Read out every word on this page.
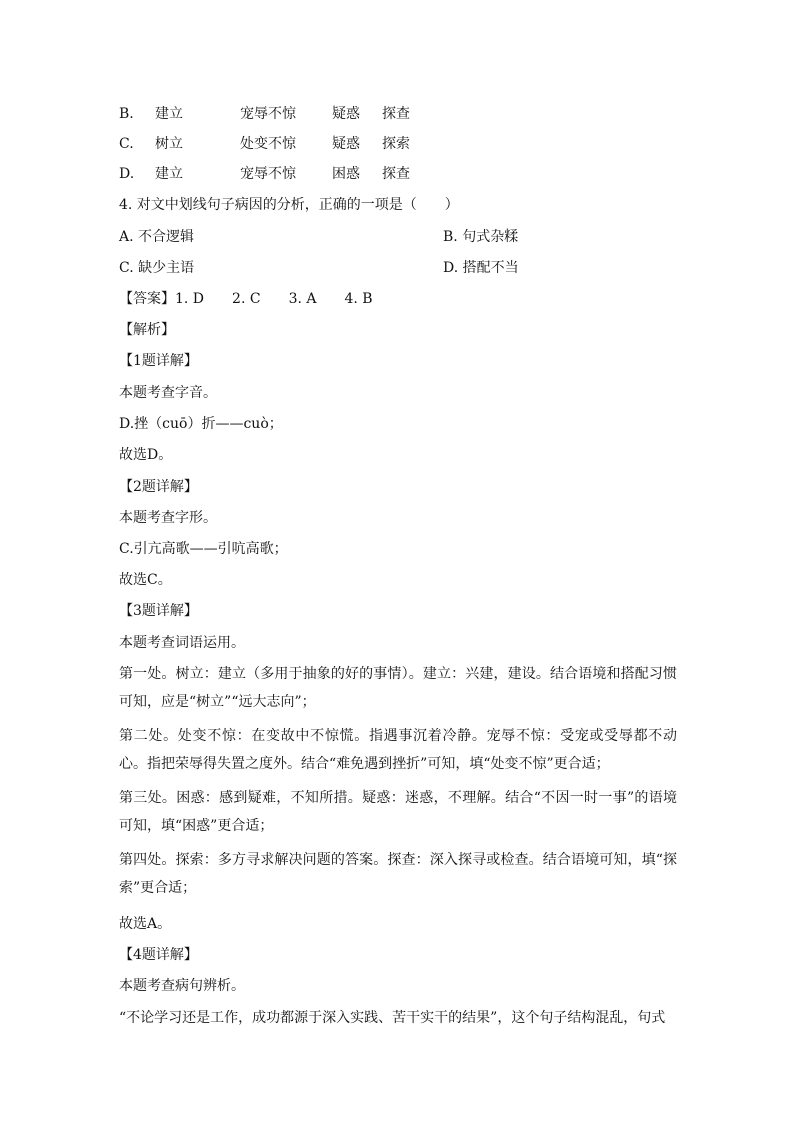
B. 建立	宠辱不惊	疑惑 探查
C. 树立	处变不惊	疑惑 探索
D. 建立	宠辱不惊	困惑 探查
4. 对文中划线句子病因的分析，正确的一项是（　　）
A. 不合逻辑	B. 句式杂糅
C. 缺少主语	D. 搭配不当
【答案】1. D 2. C 3. A 4. B
【解析】
【1题详解】
本题考查字音。
D.挫（cuō）折——cuò；
故选D。
【2题详解】
本题考查字形。
C.引亢高歌——引吭高歌；
故选C。
【3题详解】
本题考查词语运用。
第一处。树立：建立（多用于抽象的好的事情）。建立：兴建，建设。结合语境和搭配习惯可知，应是“树立”“远大志向”；
第二处。处变不惊：在变故中不惊慌。指遇事沉着冷静。宠辱不惊：受宠或受辱都不动心。指把荣辱得失置之度外。结合“难免遇到挫折”可知，填“处变不惊”更合适；
第三处。困惑：感到疑难，不知所措。疑惑：迷惑，不理解。结合“不因一时一事”的语境可知，填“困惑”更合适；
第四处。探索：多方寻求解决问题的答案。探查：深入探寻或检查。结合语境可知，填“探索”更合适；
故选A。
【4题详解】
本题考查病句辨析。
“不论学习还是工作，成功都源于深入实践、苦干实干的结果”，这个句子结构混乱，句式
